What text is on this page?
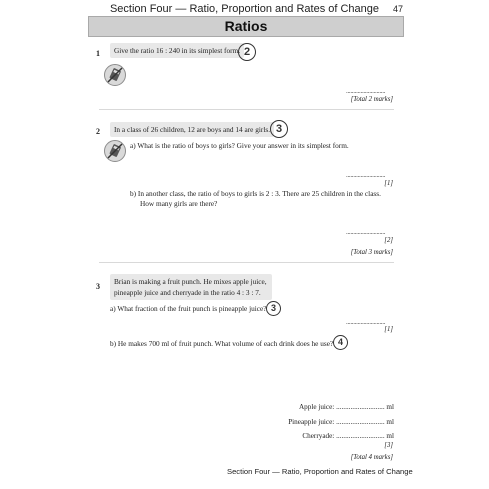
Section Four — Ratio, Proportion and Rates of Change	47
Ratios
1	Give the ratio 16 : 240 in its simplest form. 2
...........................
[Total 2 marks]
2	In a class of 26 children, 12 are boys and 14 are girls. 3
a) What is the ratio of boys to girls? Give your answer in its simplest form.
...........................
[1]
b) In another class, the ratio of boys to girls is 2 : 3. There are 25 children in the class.
How many girls are there?
...........................
[2]
[Total 3 marks]
3
Brian is making a fruit punch. He mixes apple juice,
pineapple juice and cherryade in the ratio 4 : 3 : 7.
a) What fraction of the fruit punch is pineapple juice? 3
...........................
[1]
b) He makes 700 ml of fruit punch. What volume of each drink does he use? 4
Apple juice: ........................... ml
Pineapple juice: ........................... ml
Cherryade: ........................... ml
[3]
[Total 4 marks]
Section Four — Ratio, Proportion and Rates of Change
